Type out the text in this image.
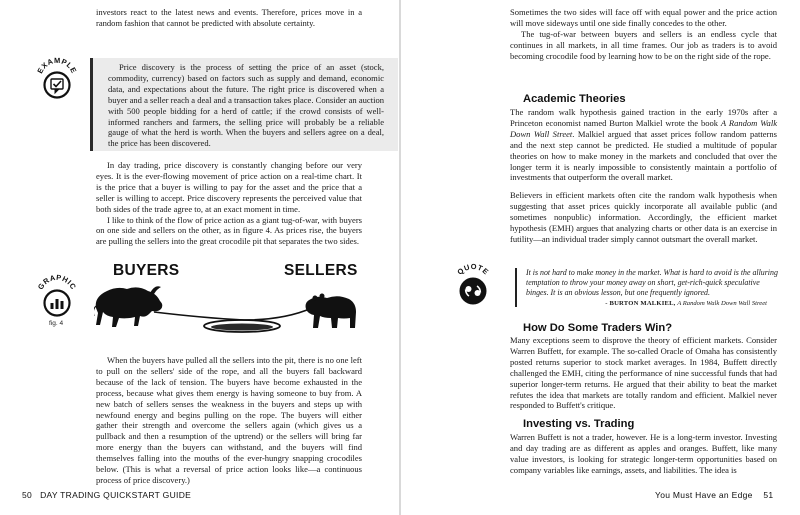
investors react to the latest news and events. Therefore, prices move in a random fashion that cannot be predicted with absolute certainty.

EXAMPLE	Price discovery is the process of setting the price of an asset (stock, commodity, currency) based on factors such as supply and demand, economic data, and expectations about the future. The right price is discovered when a buyer and a seller reach a deal and a transaction takes place. Consider an auction with 500 people bidding for a herd of cattle; if the crowd consists of well-informed ranchers and farmers, the selling price will probably be a reliable gauge of what the herd is worth. When the buyers and sellers agree on a deal, the price has been discovered.

In day trading, price discovery is constantly changing before our very eyes. It is the ever-flowing movement of price action on a real-time chart. It is the price that a buyer is willing to pay for the asset and the price that a seller is willing to accept. Price discovery represents the perceived value that both sides of the trade agree to, at an exact moment in time.

I like to think of the flow of price action as a giant tug-of-war, with buyers on one side and sellers on the other, as in figure 4. As prices rise, the buyers are pulling the sellers into the great crocodile pit that separates the two sides.

GRAPHIC
fig. 4
BUYERS	SELLERS

When the buyers have pulled all the sellers into the pit, there is no one left to pull on the sellers' side of the rope, and all the buyers fall backward because of the lack of tension. The buyers have become exhausted in the process, because what gives them energy is having someone to buy from. A new batch of sellers senses the weakness in the buyers and steps up with newfound energy and begins pulling on the rope. The buyers will either gather their strength and overcome the sellers again (which gives us a pullback and then a resumption of the uptrend) or the sellers will bring far more energy than the buyers can withstand, and the buyers will find themselves falling into the mouths of the ever-hungry snapping crocodiles below. (This is what a reversal of price action looks like—a continuous process of price discovery.)

50 DAY TRADING QUICKSTART GUIDE

Sometimes the two sides will face off with equal power and the price action will move sideways until one side finally concedes to the other.

The tug-of-war between buyers and sellers is an endless cycle that continues in all markets, in all time frames. Our job as traders is to avoid becoming crocodile food by learning how to be on the right side of the rope.

Academic Theories

The random walk hypothesis gained traction in the early 1970s after a Princeton economist named Burton Malkiel wrote the book A Random Walk Down Wall Street. Malkiel argued that asset prices follow random patterns and the next step cannot be predicted. He studied a multitude of popular theories on how to make money in the markets and concluded that over the longer term it is nearly impossible to consistently maintain a portfolio of investments that outperform the overall market.

Believers in efficient markets often cite the random walk hypothesis when suggesting that asset prices quickly incorporate all available public (and sometimes nonpublic) information. Accordingly, the efficient market hypothesis (EMH) argues that analyzing charts or other data is an exercise in futility—an individual trader simply cannot outsmart the overall market.

QUOTE	It is not hard to make money in the market. What is hard to avoid is the alluring temptation to throw your money away on short, get-rich-quick speculative binges. It is an obvious lesson, but one frequently ignored.

- BURTON MALKIEL, A Random Walk Down Wall Street

How Do Some Traders Win?

Many exceptions seem to disprove the theory of efficient markets. Consider Warren Buffett, for example. The so-called Oracle of Omaha has consistently posted returns superior to stock market averages. In 1984, Buffett directly challenged the EMH, citing the performance of nine successful funds that had superior longer-term returns. He argued that their ability to beat the market refutes the idea that markets are totally random and efficient. Malkiel never responded to Buffett's critique.

Investing vs. Trading

Warren Buffett is not a trader, however. He is a long-term investor. Investing and day trading are as different as apples and oranges. Buffett, like many value investors, is looking for strategic longer-term opportunities based on company variables like earnings, assets, and liabilities. The idea is

You Must Have an Edge 51
